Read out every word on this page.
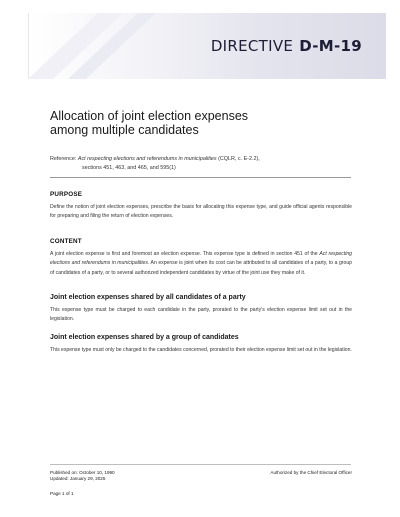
DIRECTIVE D-M-19
Allocation of joint election expenses
among multiple candidates
Reference: Act respecting elections and referendums in municipalities (CQLR, c. E-2.2),
sections 451, 463, and 465, and 595(1)
PURPOSE
Define the notion of joint election expenses, prescribe the basis for allocating this expense type, and guide official agents responsible for preparing and filing the return of election expenses.
CONTENT
A joint election expense is first and foremost an election expense. This expense type is defined in section 451 of the Act respecting elections and referendums in municipalities. An expense is joint when its cost can be attributed to all candidates of a party, to a group of candidates of a party, or to several authorized independent candidates by virtue of the joint use they make of it.
Joint election expenses shared by all candidates of a party
This expense type must be charged to each candidate in the party, prorated to the party's election expense limit set out in the legislation.
Joint election expenses shared by a group of candidates
This expense type must only be charged to the candidates concerned, prorated to their election expense limit set out in the legislation.
Published on: October 10, 1990
Updated: January 29, 2025
Authorized by the Chief Electoral Officer
Page 1 of 1
